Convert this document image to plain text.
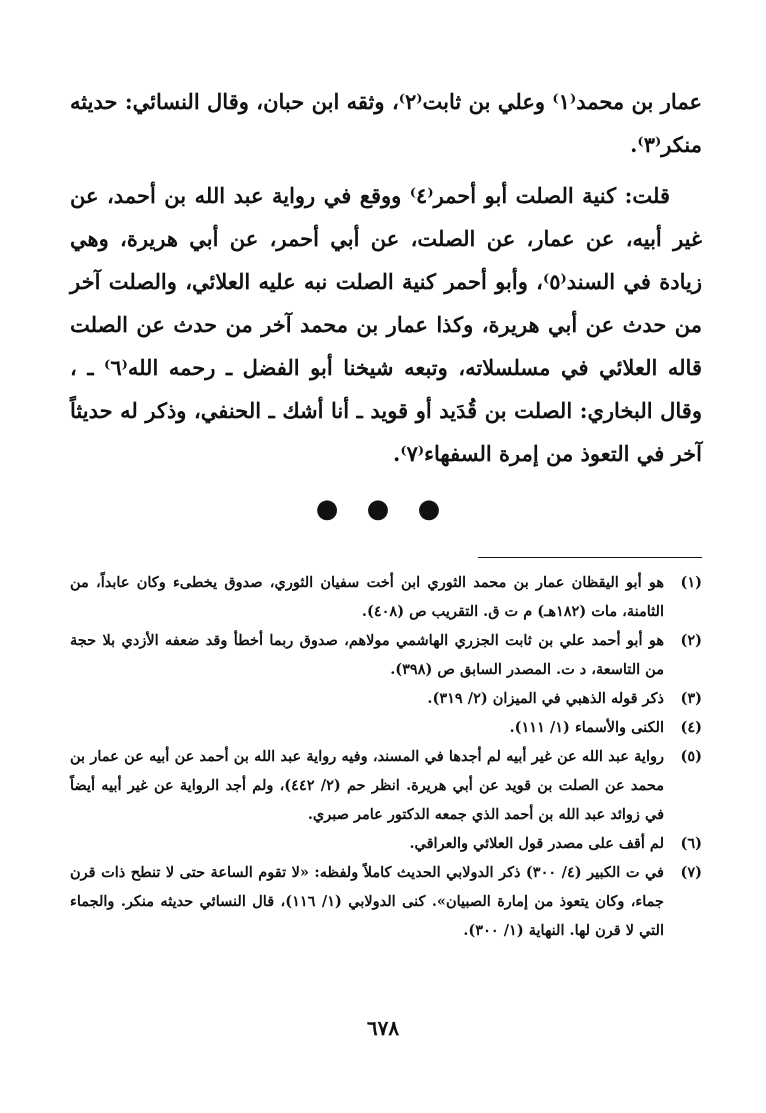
عمار بن محمد⁽١⁾ وعلي بن ثابت⁽٢⁾، وثقه ابن حبان، وقال النسائي: حديثه منكر⁽٣⁾.

قلت: كنية الصلت أبو أحمر⁽٤⁾ ووقع في رواية عبد الله بن أحمد، عن غير أبيه، عن عمار، عن الصلت، عن أبي أحمر، عن أبي هريرة، وهي زيادة في السند⁽٥⁾، وأبو أحمر كنية الصلت نبه عليه العلائي، والصلت آخر من حدث عن أبي هريرة، وكذا عمار بن محمد آخر من حدث عن الصلت قاله العلائي في مسلسلاته، وتبعه شيخنا أبو الفضل ـ رحمه الله⁽٦⁾ ـ ، وقال البخاري: الصلت بن قُدَيد أو قويد ـ أنا أشك ـ الحنفي، وذكر له حديثاً آخر في التعوذ من إمرة السفهاء⁽٧⁾.

● ● ●
(١)
هو أبو اليقظان عمار بن محمد الثوري ابن أخت سفيان الثوري، صدوق يخطىء وكان عابداً، من الثامنة، مات (١٨٢هـ) م ت ق. التقريب ص (٤٠٨).
(٢)
هو أبو أحمد علي بن ثابت الجزري الهاشمي مولاهم، صدوق ربما أخطأ وقد ضعفه الأزدي بلا حجة من التاسعة، د ت. المصدر السابق ص (٣٩٨).
(٣)
ذكر قوله الذهبي في الميزان (٢/ ٣١٩).
(٤)
الكنى والأسماء (١/ ١١١).
(٥)
رواية عبد الله عن غير أبيه لم أجدها في المسند، وفيه رواية عبد الله بن أحمد عن أبيه عن عمار بن محمد عن الصلت بن قويد عن أبي هريرة. انظر حم (٢/ ٤٤٢)، ولم أجد الرواية عن غير أبيه أيضاً في زوائد عبد الله بن أحمد الذي جمعه الدكتور عامر صبري.
(٦)
لم أقف على مصدر قول العلائي والعراقي.
(٧)
في ت الكبير (٤/ ٣٠٠) ذكر الدولابي الحديث كاملاً ولفظه: «لا تقوم الساعة حتى لا تنطح ذات قرن جماء، وكان يتعوذ من إمارة الصبيان». كنى الدولابي (١/ ١١٦)، قال النسائي حديثه منكر. والجماء التي لا قرن لها. النهاية (١/ ٣٠٠).
٦٧٨
